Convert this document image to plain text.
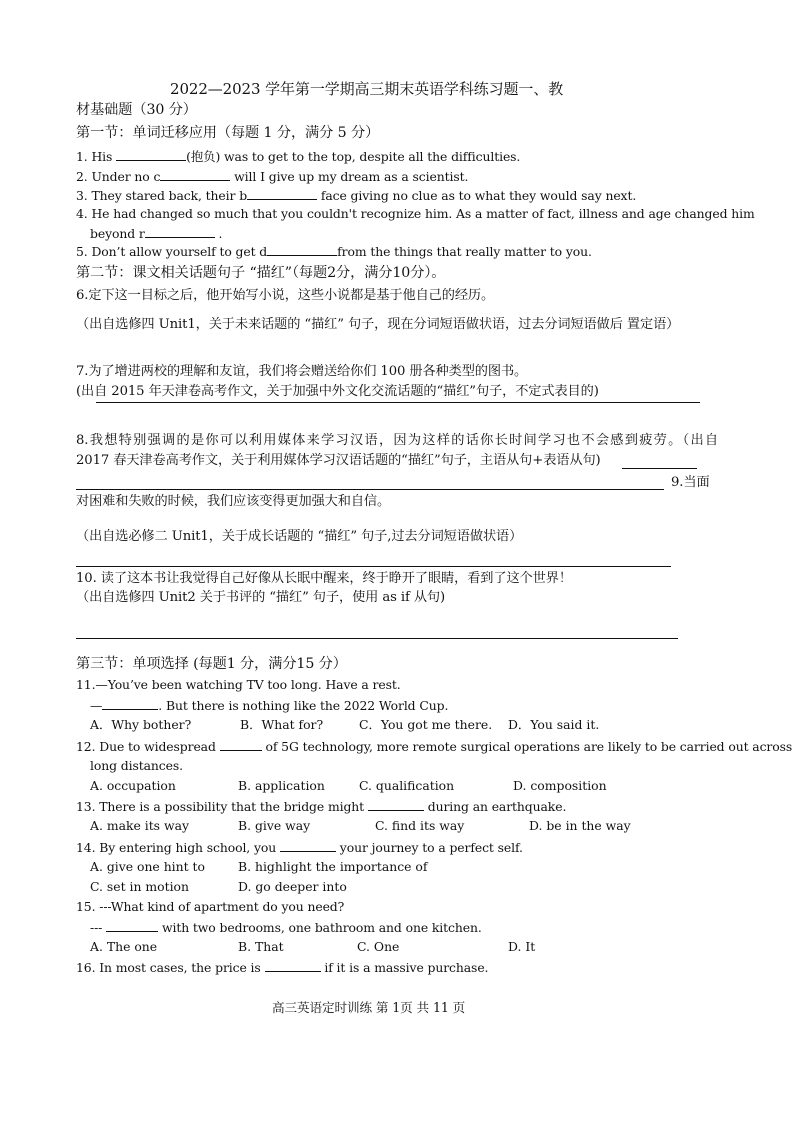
2022—2023 学年第一学期高三期末英语学科练习题一、教
材基础题（30 分）
第一节：单词迁移应用（每题 1 分，满分 5 分）
1. His	(抱负) was to get to the top, despite all the difficulties.
2. Under no c	will I give up my dream as a scientist.
3. They stared back, their b	face giving no clue as to what they would say next.
4. He had changed so much that you couldn't recognize him. As a matter of fact, illness and age changed him
beyond r	.
5. Don’t allow yourself to get d	from the things that really matter to you.
第二节：课文相关话题句子 “描红”（每题2分，满分10分）。
6.定下这一目标之后，他开始写小说，这些小说都是基于他自己的经历。
（出自选修四 Unit1，关于未来话题的 “描红” 句子，现在分词短语做状语，过去分词短语做后 置定语）
7.为了增进两校的理解和友谊，我们将会赠送给你们 100 册各种类型的图书。
(出自 2015 年天津卷高考作文，关于加强中外文化交流话题的“描红”句子，不定式表目的)
8.我想特别强调的是你可以利用媒体来学习汉语，因为这样的话你长时间学习也不会感到疲劳。（出自
2017 春天津卷高考作文，关于利用媒体学习汉语话题的“描红”句子，主语从句+表语从句)
9.当面
对困难和失败的时候，我们应该变得更加强大和自信。
（出自选必修二 Unit1，关于成长话题的 “描红” 句子,过去分词短语做状语）
10. 读了这本书让我觉得自己好像从长眠中醒来，终于睁开了眼睛，看到了这个世界！
（出自选修四 Unit2 关于书评的 “描红” 句子，使用 as if 从句)
第三节：单项选择 (每题1 分，满分15 分）
11.—You’ve been watching TV too long. Have a rest.
—	. But there is nothing like the 2022 World Cup.
A．Why bother?	B．What for?	C．You got me there. D．You said it.
12. Due to widespread	of 5G technology, more remote surgical operations are likely to be carried out across
long distances.
A. occupation	B. application	C. qualification	D. composition
13. There is a possibility that the bridge might	during an earthquake.
A. make its way	B. give way	C. find its way	D. be in the way
14. By entering high school, you	your journey to a perfect self.
A. give one hint to	B. highlight the importance of
C. set in motion	D. go deeper into
15. ---What kind of apartment do you need?
---	with two bedrooms, one bathroom and one kitchen.
A. The one	B. That	C. One	D. It
16. In most cases, the price is	if it is a massive purchase.
高三英语定时训练 第 1页 共 11 页
